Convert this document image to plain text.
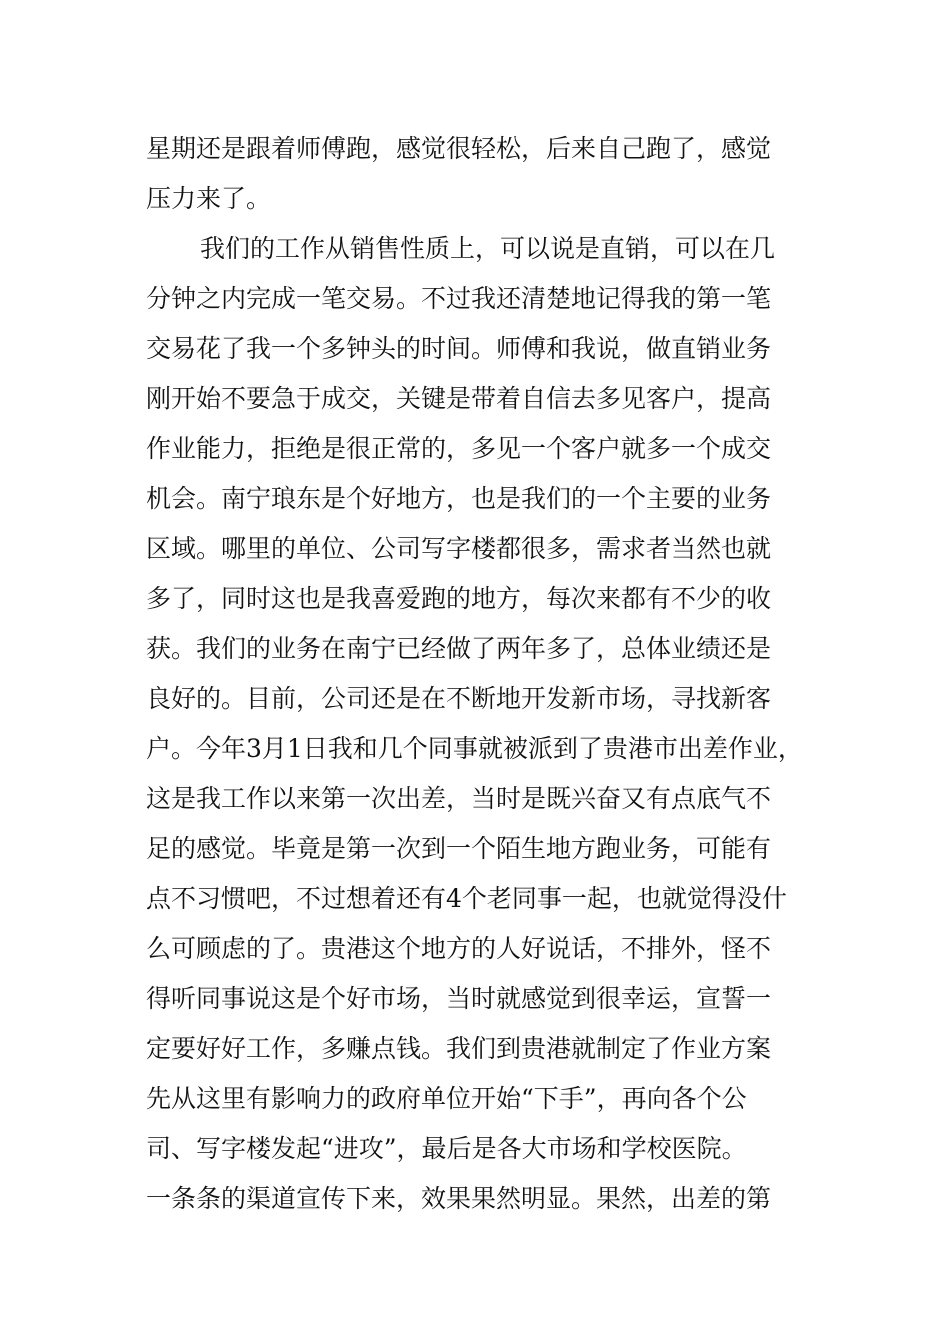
星期还是跟着师傅跑，感觉很轻松，后来自己跑了，感觉
压力来了。
我们的工作从销售性质上，可以说是直销，可以在几
分钟之内完成一笔交易。不过我还清楚地记得我的第一笔
交易花了我一个多钟头的时间。师傅和我说，做直销业务
刚开始不要急于成交，关键是带着自信去多见客户，提高
作业能力，拒绝是很正常的，多见一个客户就多一个成交
机会。南宁琅东是个好地方，也是我们的一个主要的业务
区域。哪里的单位、公司写字楼都很多，需求者当然也就
多了，同时这也是我喜爱跑的地方，每次来都有不少的收
获。我们的业务在南宁已经做了两年多了，总体业绩还是
良好的。目前，公司还是在不断地开发新市场，寻找新客
户。今年3月1日我和几个同事就被派到了贵港市出差作业，
这是我工作以来第一次出差，当时是既兴奋又有点底气不
足的感觉。毕竟是第一次到一个陌生地方跑业务，可能有
点不习惯吧，不过想着还有4个老同事一起，也就觉得没什
么可顾虑的了。贵港这个地方的人好说话，不排外，怪不
得听同事说这是个好市场，当时就感觉到很幸运，宣誓一
定要好好工作，多赚点钱。我们到贵港就制定了作业方案
先从这里有影响力的政府单位开始“下手”，再向各个公
司、写字楼发起“进攻”，最后是各大市场和学校医院。
一条条的渠道宣传下来，效果果然明显。果然，出差的第
